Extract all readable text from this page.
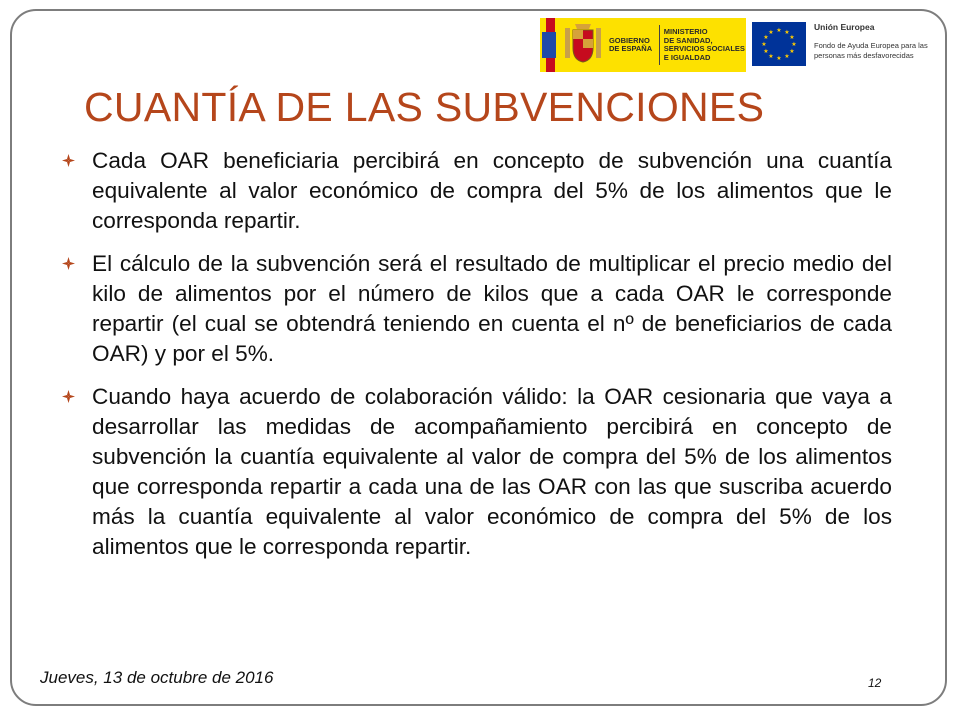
GOBIERNO
DE ESPAÑA
MINISTERIO
DE SANIDAD, SERVICIOS SOCIALES
E IGUALDAD
★ ★
★
★
★
★
★
★
★
★
★
★
Unión Europea
Fondo de Ayuda Europea para las personas más desfavorecidas
CUANTÍA DE LAS SUBVENCIONES
Cada OAR beneficiaria percibirá en concepto de subvención una cuantía equivalente al valor económico de compra del 5% de los alimentos que le corresponda repartir.
El cálculo de la subvención será el resultado de multiplicar el precio medio del kilo de alimentos por el número de kilos que a cada OAR le corresponde repartir (el cual se obtendrá teniendo en cuenta el nº de beneficiarios de cada OAR) y por el 5%.
Cuando haya acuerdo de colaboración válido: la OAR cesionaria que vaya a desarrollar las medidas de acompañamiento percibirá en concepto de subvención la cuantía equivalente al valor de compra del 5% de los alimentos que corresponda repartir a cada una de las OAR con las que suscriba acuerdo más la cuantía equivalente al valor económico de compra del 5% de los alimentos que le corresponda repartir.
Jueves, 13 de octubre de 2016	12
